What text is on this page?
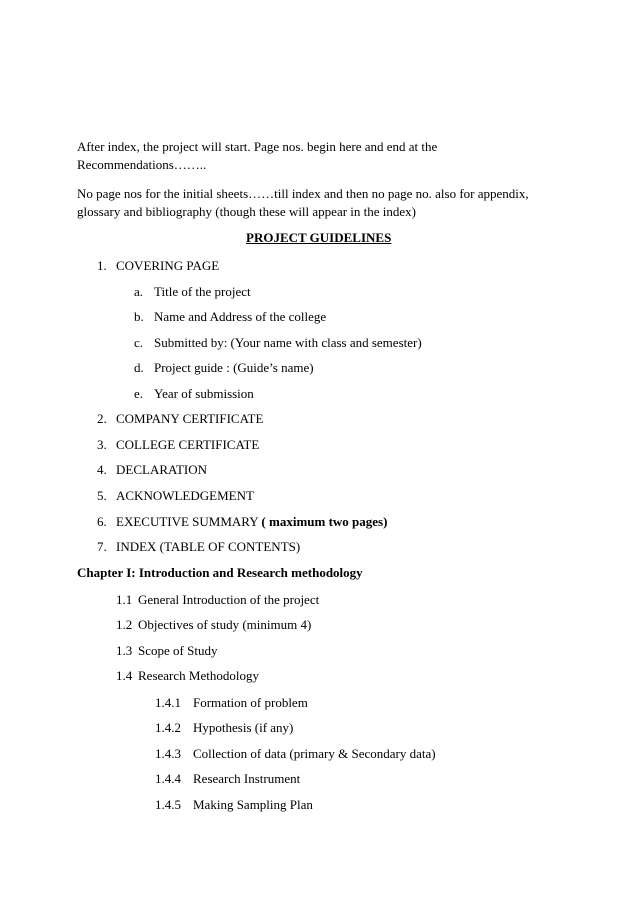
After index, the project will start. Page nos. begin here and end at the
Recommendations……..
No page nos for the initial sheets……till index and then no page no. also for appendix,
glossary and bibliography (though these will appear in the index)
PROJECT GUIDELINES
1. COVERING PAGE
a. Title of the project
b. Name and Address of the college
c. Submitted by: (Your name with class and semester)
d. Project guide : (Guide’s name)
e. Year of submission
2. COMPANY CERTIFICATE
3. COLLEGE CERTIFICATE
4. DECLARATION
5. ACKNOWLEDGEMENT
6. EXECUTIVE SUMMARY ( maximum two pages)
7. INDEX (TABLE OF CONTENTS)
Chapter I: Introduction and Research methodology
1.1 General Introduction of the project
1.2 Objectives of study (minimum 4)
1.3 Scope of Study
1.4 Research Methodology
1.4.1 Formation of problem
1.4.2 Hypothesis (if any)
1.4.3 Collection of data (primary & Secondary data)
1.4.4 Research Instrument
1.4.5 Making Sampling Plan
